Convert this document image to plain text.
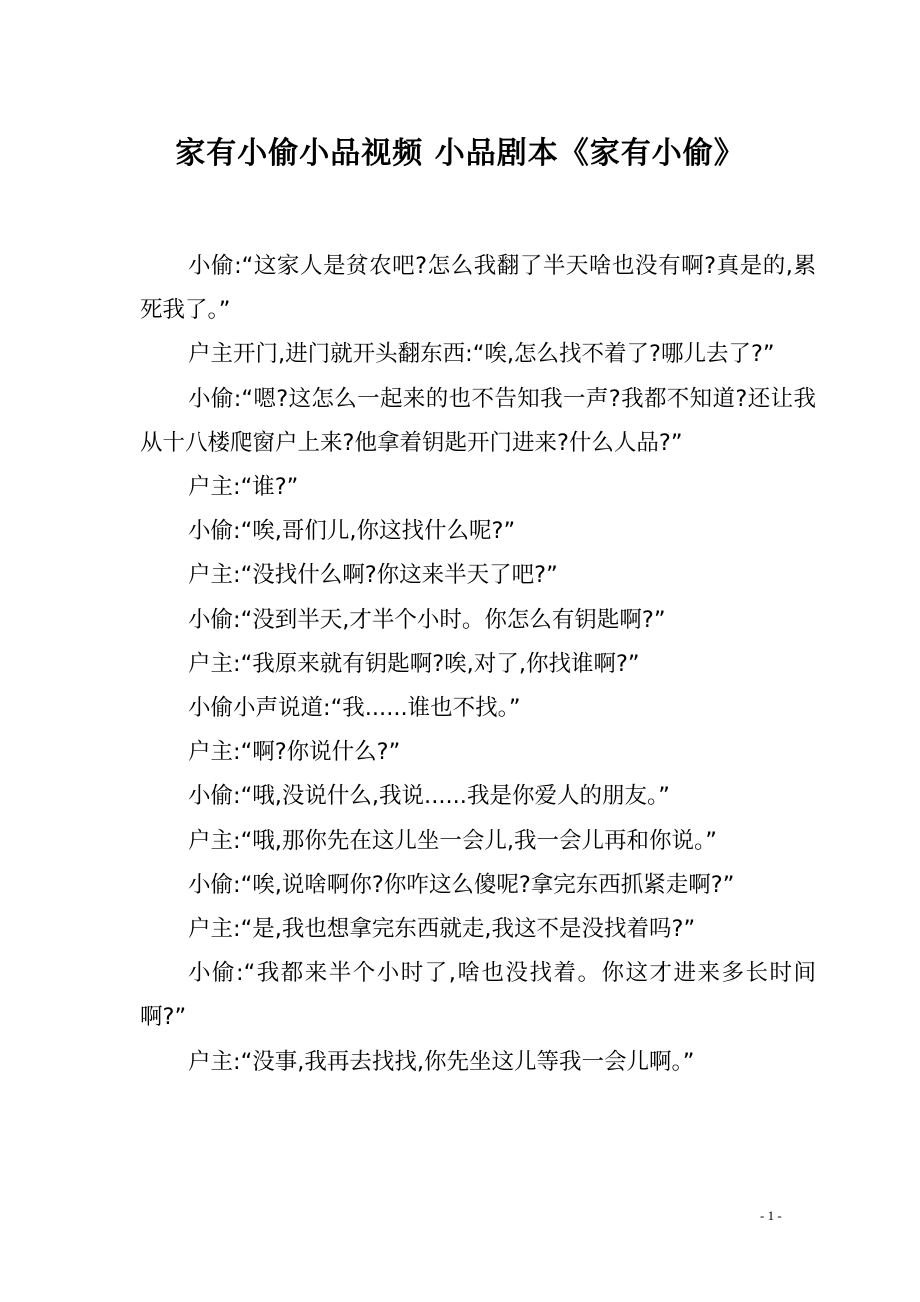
家有小偷小品视频 小品剧本《家有小偷》

小偷:“这家人是贫农吧?怎么我翻了半天啥也没有啊?真是的,累死我了。”

户主开门,进门就开头翻东西:“唉,怎么找不着了?哪儿去了?”

小偷:“嗯?这怎么一起来的也不告知我一声?我都不知道?还让我从十八楼爬窗户上来?他拿着钥匙开门进来?什么人品?”

户主:“谁?”

小偷:“唉,哥们儿,你这找什么呢?”

户主:“没找什么啊?你这来半天了吧?”

小偷:“没到半天,才半个小时。你怎么有钥匙啊?”

户主:“我原来就有钥匙啊?唉,对了,你找谁啊?”

小偷小声说道:“我......谁也不找。”

户主:“啊?你说什么?”

小偷:“哦,没说什么,我说......我是你爱人的朋友。”

户主:“哦,那你先在这儿坐一会儿,我一会儿再和你说。”

小偷:“唉,说啥啊你?你咋这么傻呢?拿完东西抓紧走啊?”

户主:“是,我也想拿完东西就走,我这不是没找着吗?”

小偷:“我都来半个小时了,啥也没找着。你这才进来多长时间啊?”

户主:“没事,我再去找找,你先坐这儿等我一会儿啊。”

- 1 -
